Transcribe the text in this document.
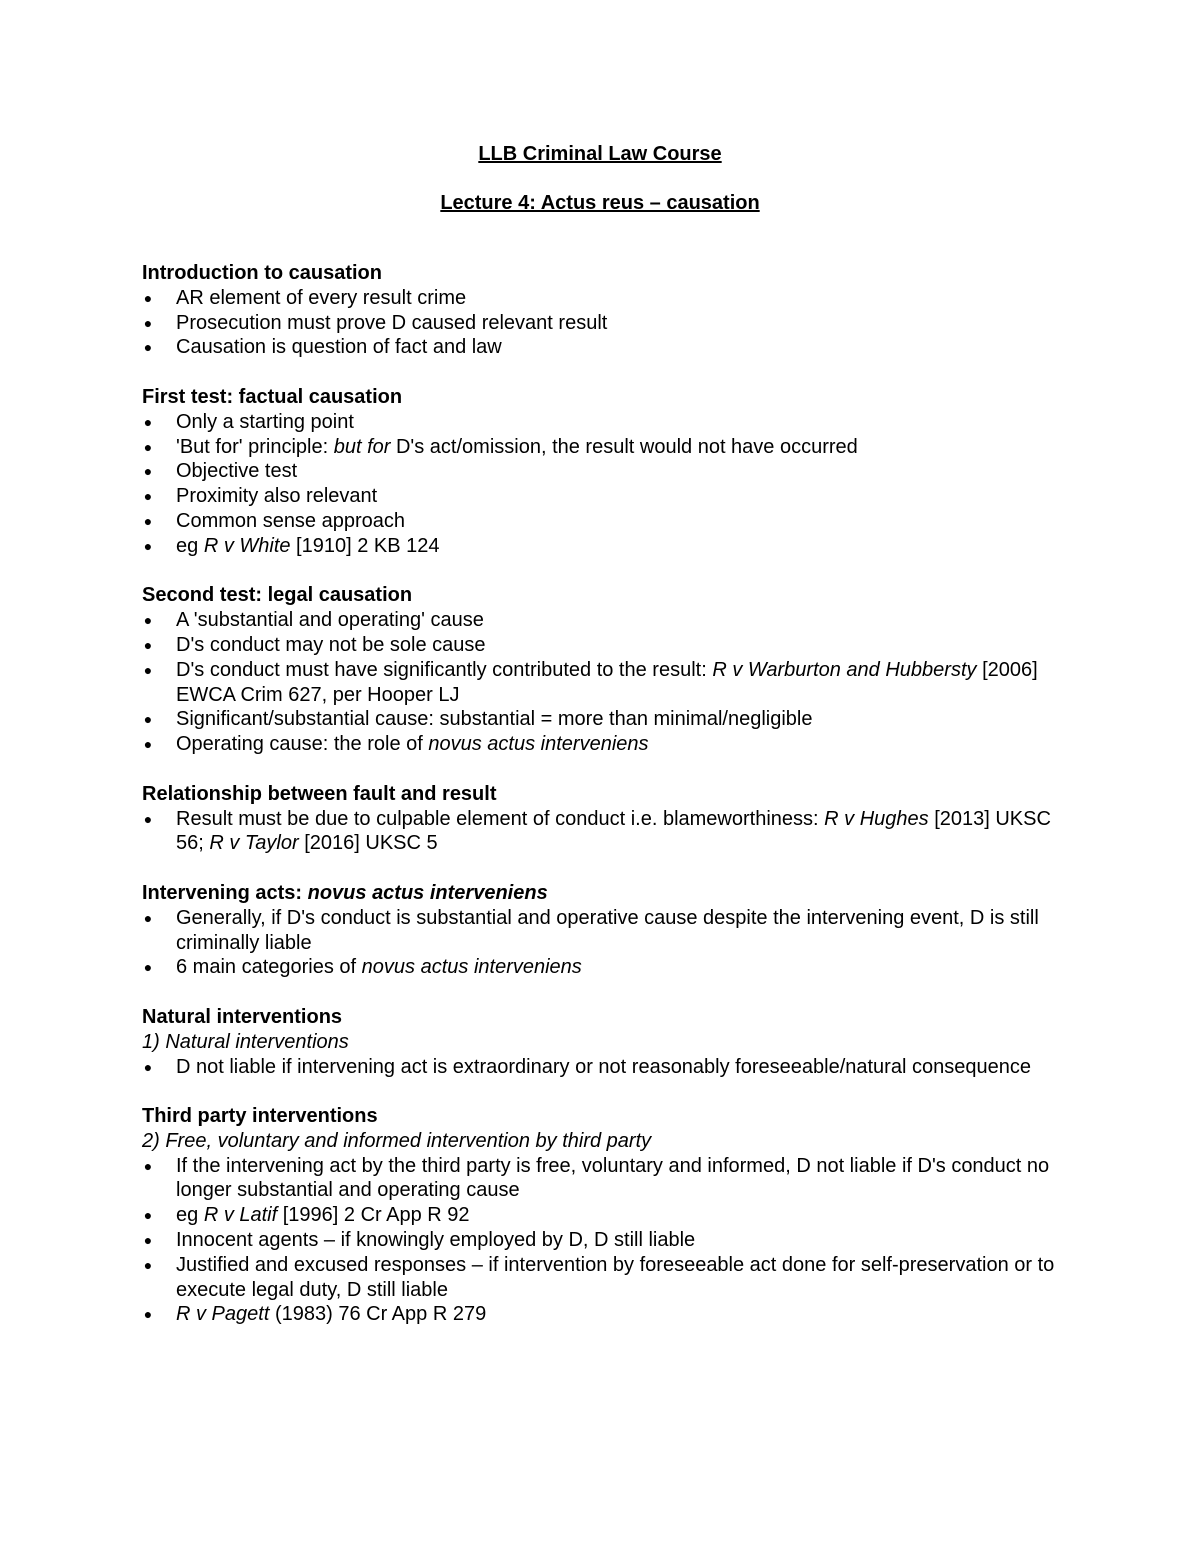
LLB Criminal Law Course
Lecture 4: Actus reus – causation
Introduction to causation
● AR element of every result crime
● Prosecution must prove D caused relevant result
● Causation is question of fact and law
First test: factual causation
● Only a starting point
● 'But for' principle: but for D's act/omission, the result would not have occurred
● Objective test
● Proximity also relevant
● Common sense approach
● eg R v White [1910] 2 KB 124
Second test: legal causation
● A 'substantial and operating' cause
● D's conduct may not be sole cause
● D's conduct must have significantly contributed to the result: R v Warburton and Hubbersty [2006] EWCA Crim 627, per Hooper LJ
● Significant/substantial cause: substantial = more than minimal/negligible
● Operating cause: the role of novus actus interveniens
Relationship between fault and result
● Result must be due to culpable element of conduct i.e. blameworthiness: R v Hughes [2013] UKSC 56; R v Taylor [2016] UKSC 5
Intervening acts: novus actus interveniens
● Generally, if D's conduct is substantial and operative cause despite the intervening event, D is still criminally liable
● 6 main categories of novus actus interveniens
Natural interventions
1) Natural interventions
● D not liable if intervening act is extraordinary or not reasonably foreseeable/natural consequence
Third party interventions
2) Free, voluntary and informed intervention by third party
● If the intervening act by the third party is free, voluntary and informed, D not liable if D's conduct no longer substantial and operating cause
● eg R v Latif [1996] 2 Cr App R 92
● Innocent agents – if knowingly employed by D, D still liable
● Justified and excused responses – if intervention by foreseeable act done for self-preservation or to execute legal duty, D still liable
● R v Pagett (1983) 76 Cr App R 279
